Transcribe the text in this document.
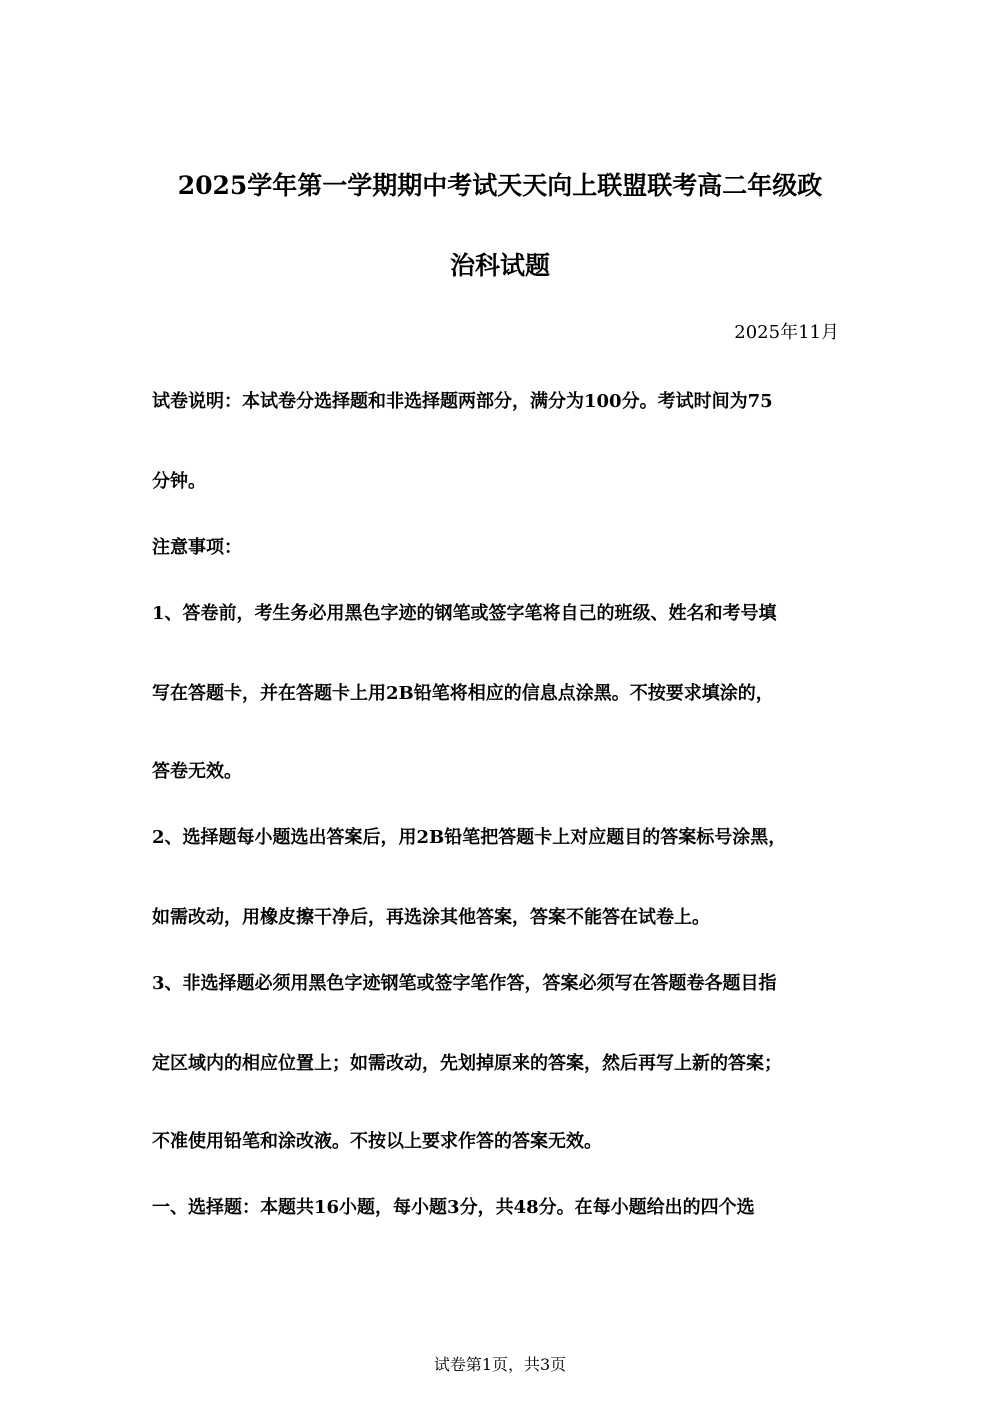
2025学年第一学期期中考试天天向上联盟联考高二年级政
治科试题
2025年11月
试卷说明：本试卷分选择题和非选择题两部分，满分为100分。考试时间为75
分钟。
注意事项：
1、答卷前，考生务必用黑色字迹的钢笔或签字笔将自己的班级、姓名和考号填
写在答题卡，并在答题卡上用2B铅笔将相应的信息点涂黑。不按要求填涂的，
答卷无效。
2、选择题每小题选出答案后，用2B铅笔把答题卡上对应题目的答案标号涂黑，
如需改动，用橡皮擦干净后，再选涂其他答案，答案不能答在试卷上。
3、非选择题必须用黑色字迹钢笔或签字笔作答，答案必须写在答题卷各题目指
定区域内的相应位置上；如需改动，先划掉原来的答案，然后再写上新的答案；
不准使用铅笔和涂改液。不按以上要求作答的答案无效。
一、选择题：本题共16小题，每小题3分，共48分。在每小题给出的四个选
试卷第1页，共3页
